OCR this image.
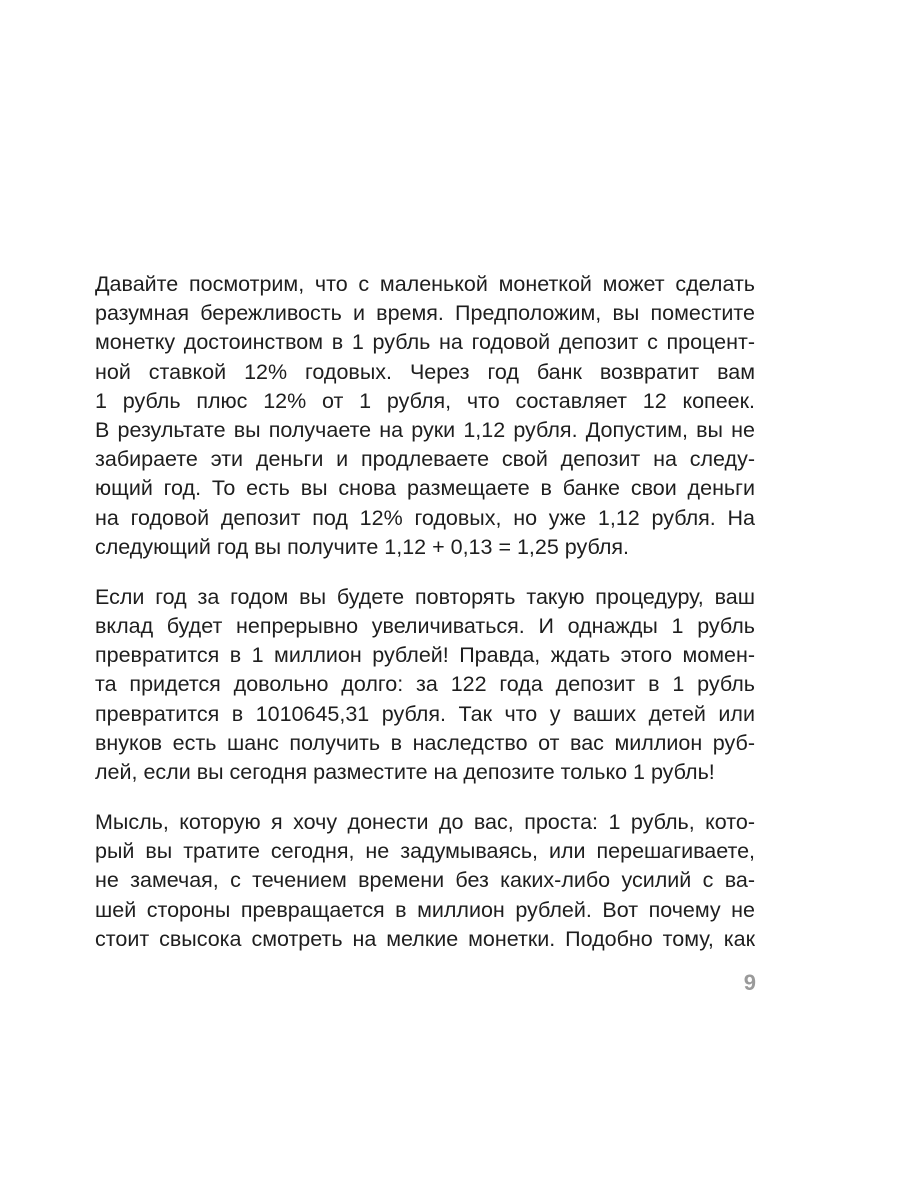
Давайте посмотрим, что с маленькой монеткой может сделать
разумная бережливость и время. Предположим, вы поместите
монетку достоинством в 1 рубль на годовой депозит с процент-
ной ставкой 12% годовых. Через год банк возвратит вам
1 рубль плюс 12% от 1 рубля, что составляет 12 копеек.
В результате вы получаете на руки 1,12 рубля. Допустим, вы не
забираете эти деньги и продлеваете свой депозит на следу-
ющий год. То есть вы снова размещаете в банке свои деньги
на годовой депозит под 12% годовых, но уже 1,12 рубля. На
следующий год вы получите 1,12 + 0,13 = 1,25 рубля.

Если год за годом вы будете повторять такую процедуру, ваш
вклад будет непрерывно увеличиваться. И однажды 1 рубль
превратится в 1 миллион рублей! Правда, ждать этого момен-
та придется довольно долго: за 122 года депозит в 1 рубль
превратится в 1010645,31 рубля. Так что у ваших детей или
внуков есть шанс получить в наследство от вас миллион руб-
лей, если вы сегодня разместите на депозите только 1 рубль!

Мысль, которую я хочу донести до вас, проста: 1 рубль, кото-
рый вы тратите сегодня, не задумываясь, или перешагиваете,
не замечая, с течением времени без каких-либо усилий с ва-
шей стороны превращается в миллион рублей. Вот почему не
стоит свысока смотреть на мелкие монетки. Подобно тому, как

9
